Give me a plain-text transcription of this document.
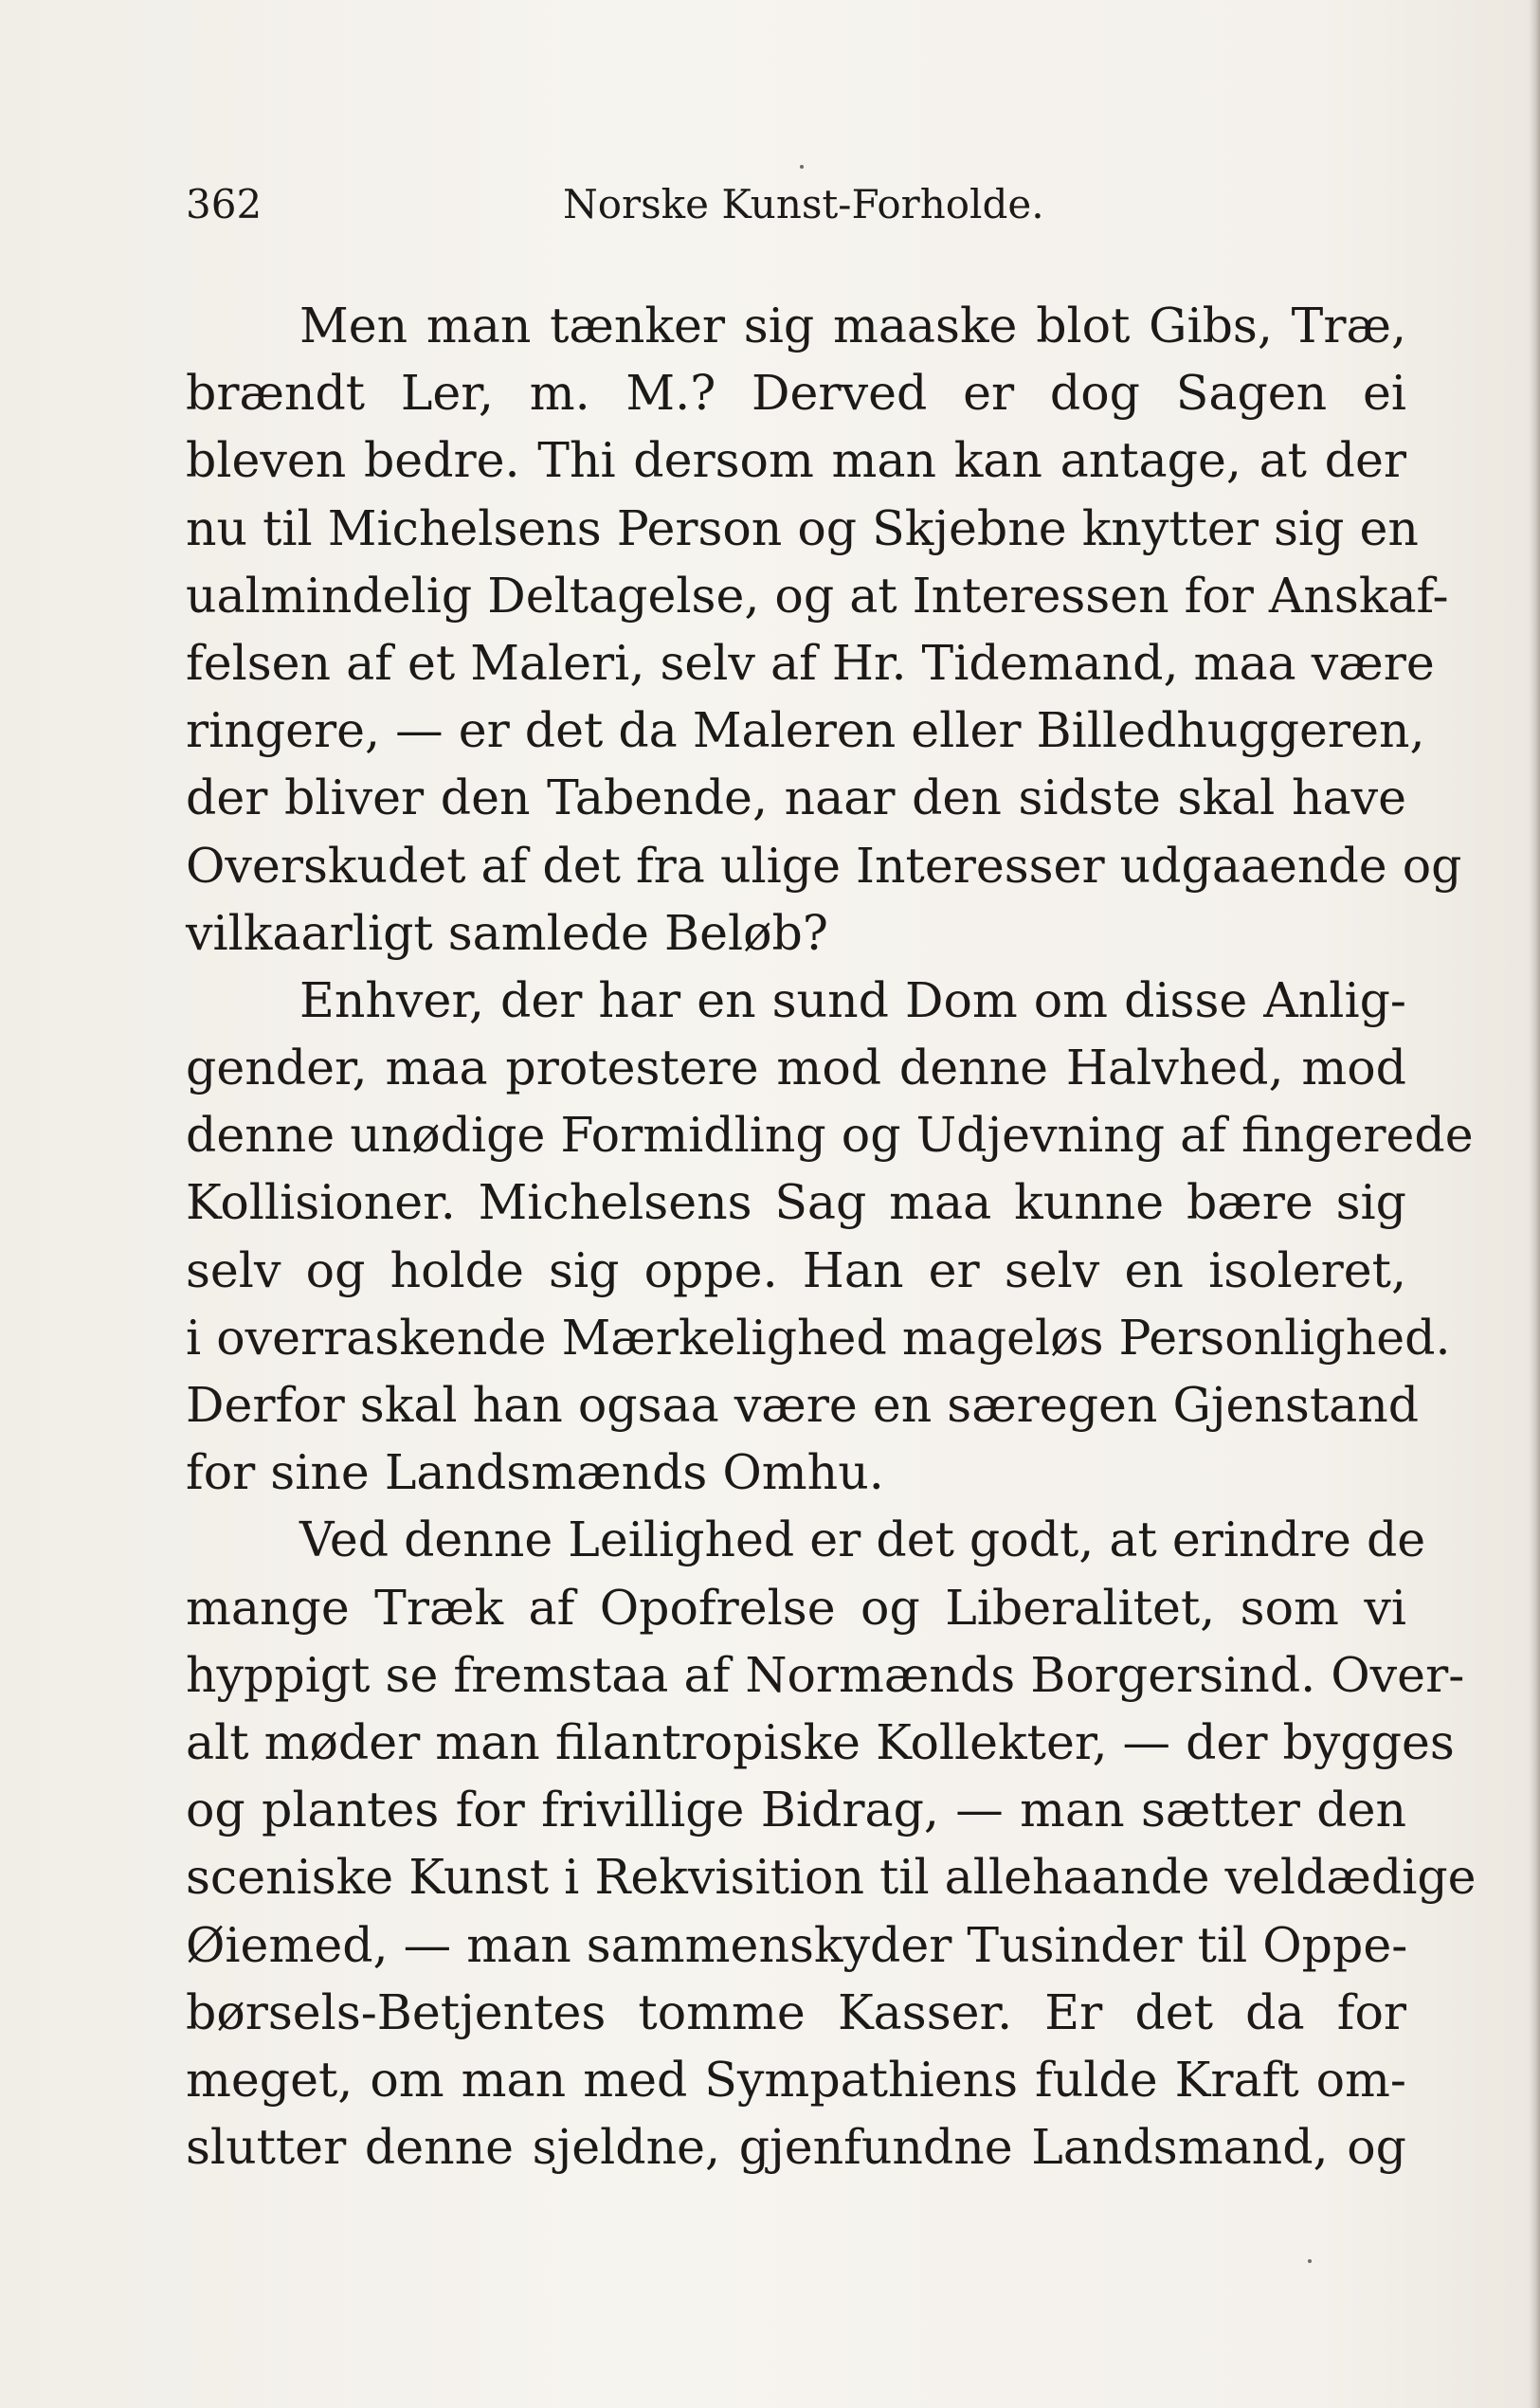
362	Norske Kunst-Forholde.
Men man tænker sig maaske blot Gibs, Træ,
brændt Ler, m. M.? Derved er dog Sagen ei
bleven bedre. Thi dersom man kan antage, at der
nu til Michelsens Person og Skjebne knytter sig en
ualmindelig Deltagelse, og at Interessen for Anskaf-
felsen af et Maleri, selv af Hr. Tidemand, maa være
ringere, — er det da Maleren eller Billedhuggeren,
der bliver den Tabende, naar den sidste skal have
Overskudet af det fra ulige Interesser udgaaende og
vilkaarligt samlede Beløb?
Enhver, der har en sund Dom om disse Anlig-
gender, maa protestere mod denne Halvhed, mod
denne unødige Formidling og Udjevning af fingerede
Kollisioner. Michelsens Sag maa kunne bære sig
selv og holde sig oppe. Han er selv en isoleret,
i overraskende Mærkelighed mageløs Personlighed.
Derfor skal han ogsaa være en særegen Gjenstand
for sine Landsmænds Omhu.
Ved denne Leilighed er det godt, at erindre de
mange Træk af Opofrelse og Liberalitet, som vi
hyppigt se fremstaa af Normænds Borgersind. Over-
alt møder man filantropiske Kollekter, — der bygges
og plantes for frivillige Bidrag, — man sætter den
sceniske Kunst i Rekvisition til allehaande veldædige
Øiemed, — man sammenskyder Tusinder til Oppe-
børsels-Betjentes tomme Kasser. Er det da for
meget, om man med Sympathiens fulde Kraft om-
slutter denne sjeldne, gjenfundne Landsmand, og
